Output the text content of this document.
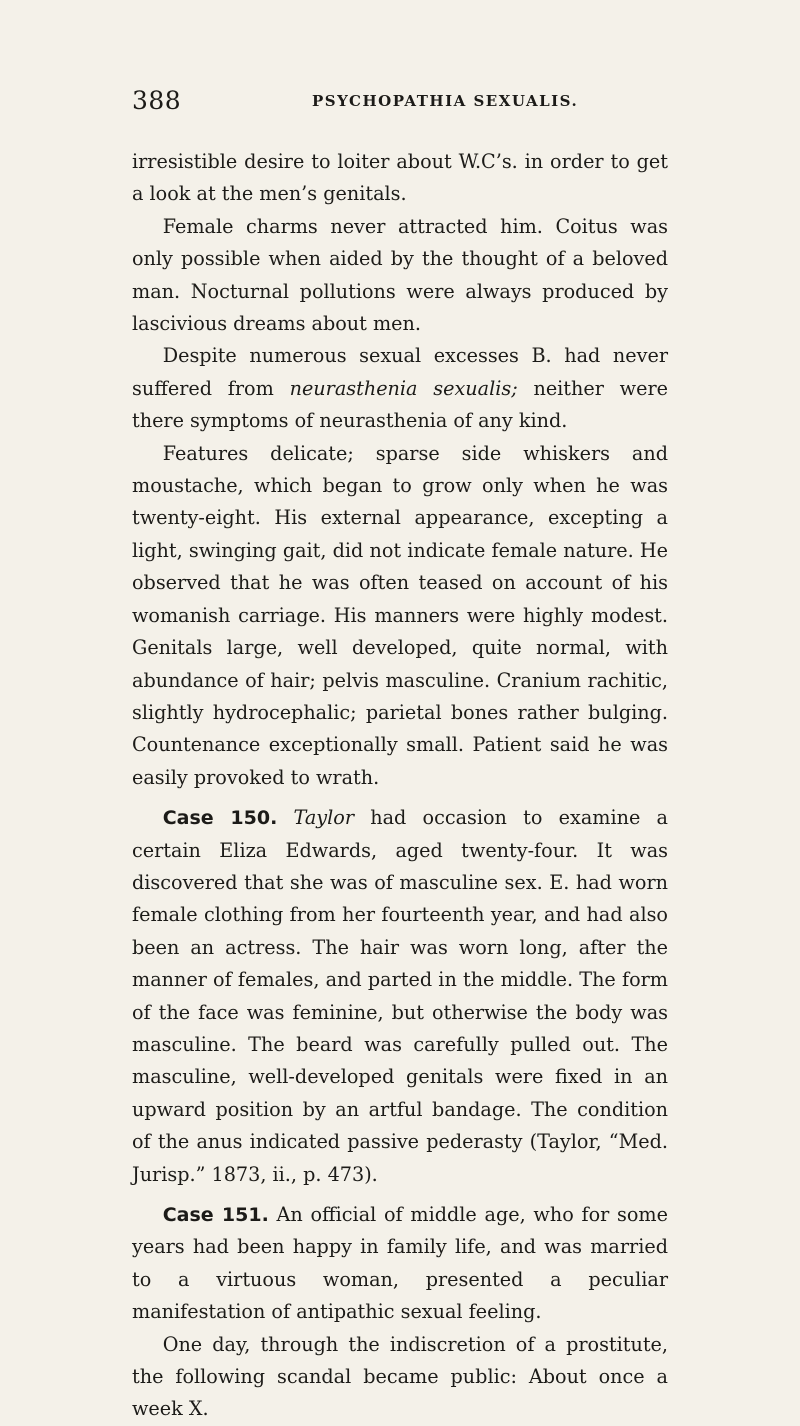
388	PSYCHOPATHIA SEXUALIS.

irresistible desire to loiter about W.C’s. in order to get a look at the men’s genitals.

Female charms never attracted him. Coitus was only possible when aided by the thought of a beloved man. Nocturnal pollutions were always produced by lascivious dreams about men.

Despite numerous sexual excesses B. had never suffered from neurasthenia sexualis; neither were there symptoms of neurasthenia of any kind.

Features delicate; sparse side whiskers and moustache, which began to grow only when he was twenty-eight. His external appearance, excepting a light, swinging gait, did not indicate female nature. He observed that he was often teased on account of his womanish carriage. His manners were highly modest. Genitals large, well developed, quite normal, with abundance of hair; pelvis masculine. Cranium rachitic, slightly hydrocephalic; parietal bones rather bulging. Countenance exceptionally small. Patient said he was easily provoked to wrath.

Case 150. Taylor had occasion to examine a certain Eliza Edwards, aged twenty-four. It was discovered that she was of masculine sex. E. had worn female clothing from her fourteenth year, and had also been an actress. The hair was worn long, after the manner of females, and parted in the middle. The form of the face was feminine, but otherwise the body was masculine. The beard was carefully pulled out. The masculine, well-developed genitals were fixed in an upward position by an artful bandage. The condition of the anus indicated passive pederasty (Taylor, “Med. Jurisp.” 1873, ii., p. 473).

Case 151. An official of middle age, who for some years had been happy in family life, and was married to a virtuous woman, presented a peculiar manifestation of antipathic sexual feeling.

One day, through the indiscretion of a prostitute, the following scandal became public: About once a week X.
